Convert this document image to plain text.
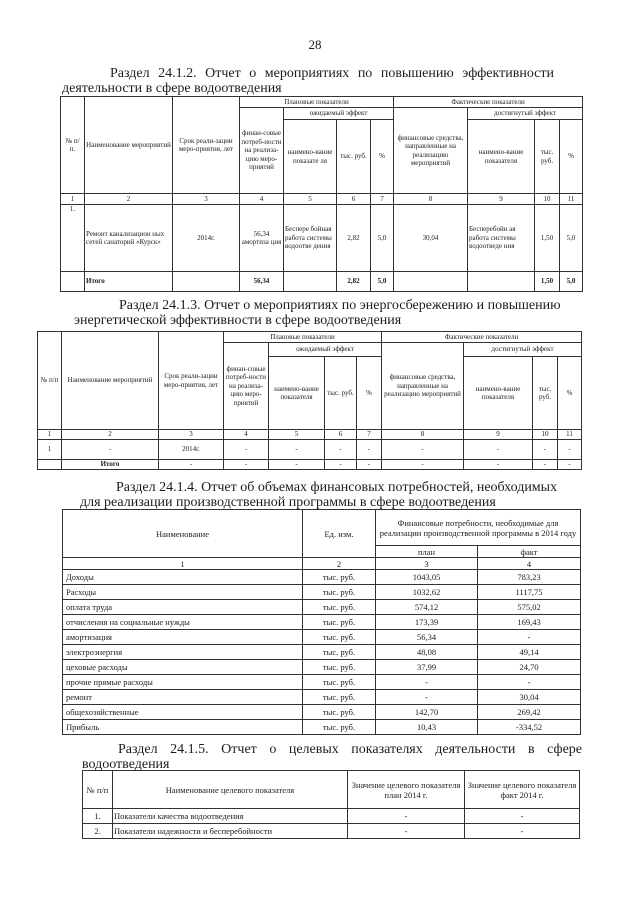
28
Раздел 24.1.2. Отчет о мероприятиях по повышению эффективности
деятельности в сфере водоотведения
№ п/ п.	Наименование мероприятий	Срок реали-зации меро-приятия, лет	Плановые показатели				Фактические показатели			
			финан-совые потреб-ности на реализа-цию меро-приятий	ожидаемый эффект			финансовые средства, направленные на реализацию мероприятий	достигнутый эффект		
				наимено-вание показате ля	тыс. руб.	%		наимено-вание показателя	тыс. руб.	%
1	2	3	4	5	6	7	8	9	10	11
1.	Ремонт канализацион ных сетей санаторий «Курск»	2014г.	56,34 амортиза ция	Беспере бойная работа системы водоотве дения	2,82	5,0	30,04	Бесперебойн ая работа системы водоотведе ния	1,50	5,0
	Итого		56,34		2,82	5,0			1,50	5,0
Раздел 24.1.3. Отчет о мероприятиях по энергосбережению и повышению
энергетической эффективности в сфере водоотведения
№ п/п	Наименование мероприятий	Срок реали-зации меро-приятия, лет	Плановые показатели				Фактические показатели			
			финан-совые потреб-ности на реализа-цию меро-приятий	ожидаемый эффект			финансовые средства, направленные на реализацию мероприятий	достигнутый эффект		
				наимено-вание показателя	тыс. руб.	%		наимено-вание показателя	тыс. руб.	%
1	2	3	4	5	6	7	8	9	10	11
1	-	2014г.	-	-	-	-	-	-	-	-
	Итого	-	-	-	-	-	-	-	-	-
Раздел 24.1.4. Отчет об объемах финансовых потребностей, необходимых
для реализации производственной программы в сфере водоотведения
Наименование	Ед. изм.	Финансовые потребности, необходимые для реализации производственной программы в 2014 году	
		план	факт
1	2	3	4
Доходы	тыс. руб.	1043,05	783,23
Расходы	тыс. руб.	1032,62	1117,75
оплата труда	тыс. руб.	574,12	575,02
отчисления на социальные нужды	тыс. руб.	173,39	169,43
амортизация	тыс. руб.	56,34	-
электроэнергия	тыс. руб.	48,08	49,14
цеховые расходы	тыс. руб.	37,99	24,70
прочие прямые расходы	тыс. руб.	-	-
ремонт	тыс. руб.	-	30,04
общехозяйственные	тыс. руб.	142,70	269,42
Прибыль	тыс. руб.	10,43	-334,52
Раздел 24.1.5. Отчет о целевых показателях деятельности в сфере
водоотведения
№ п/п	Наименование целевого показателя	Значение целевого показателя план 2014 г.	Значение целевого показателя факт 2014 г.
1.	Показатели качества водоотведения	-	-
2.	Показатели надежности и бесперебойности	-	-
